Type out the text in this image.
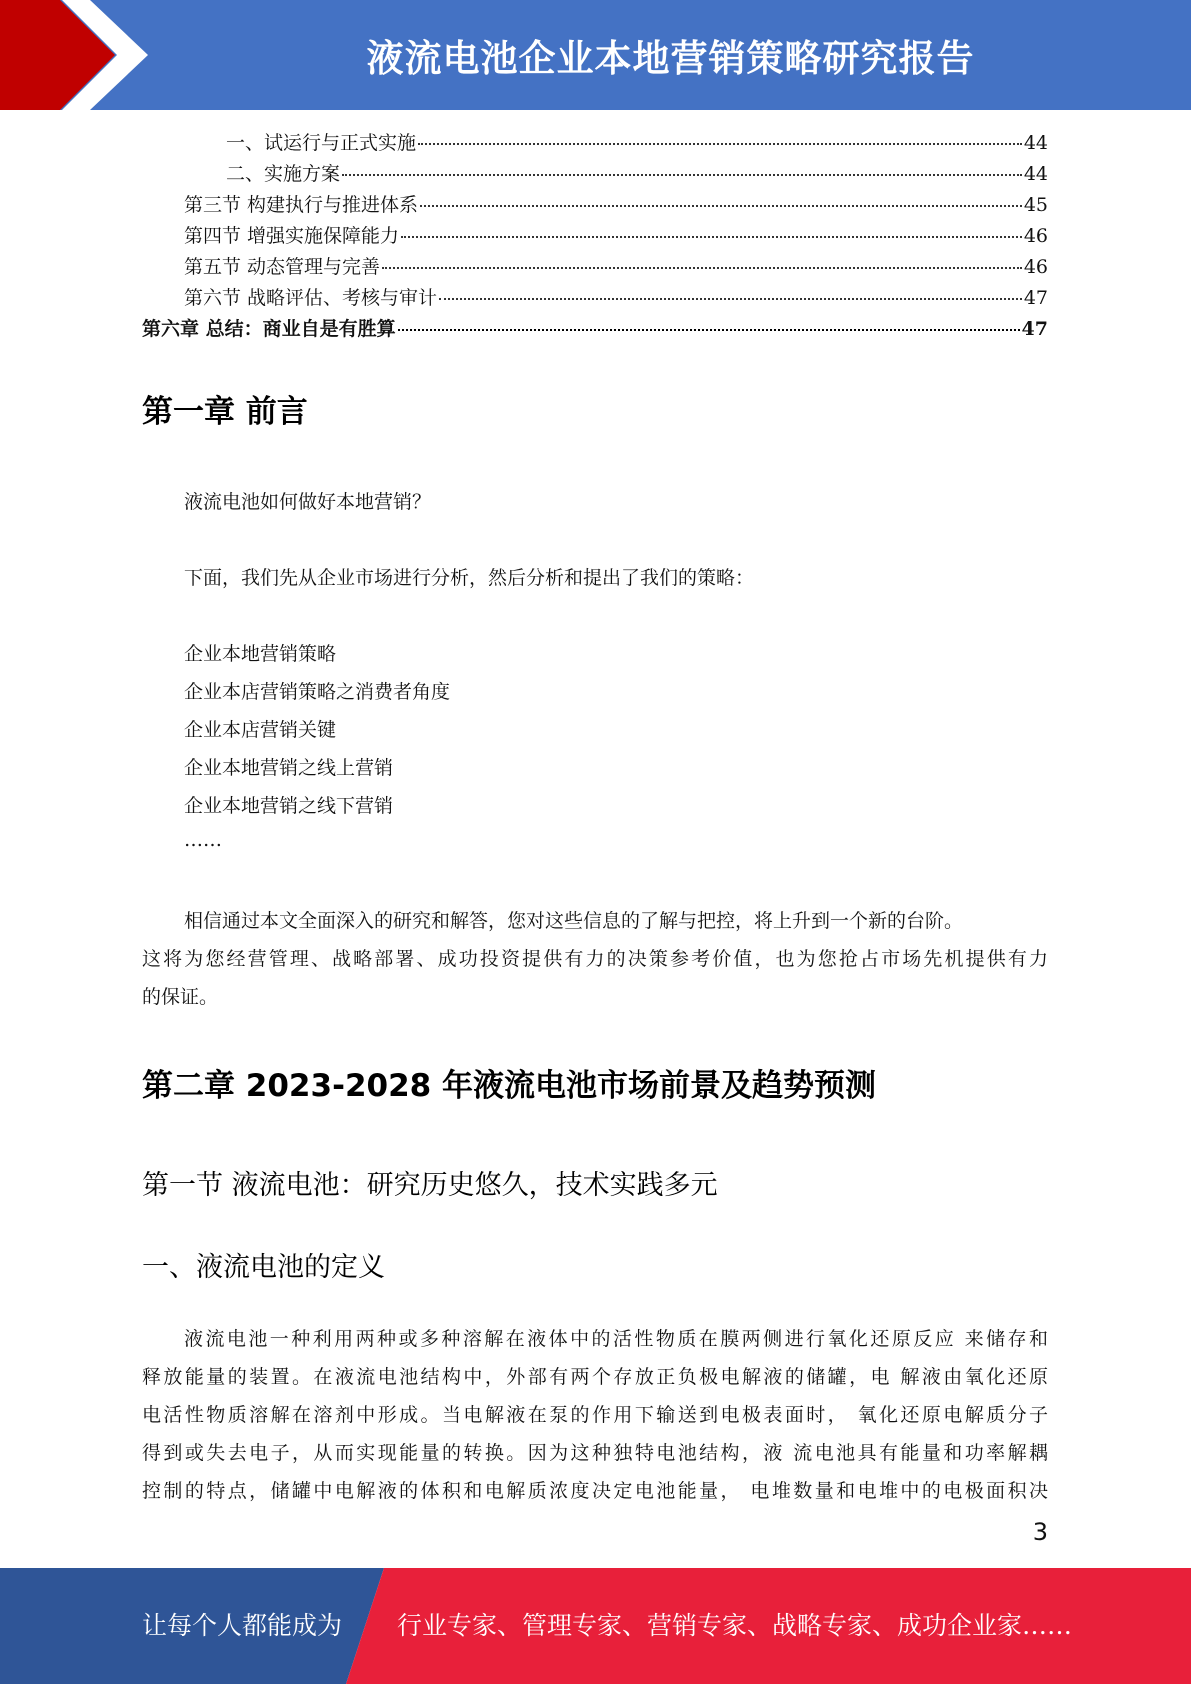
液流电池企业本地营销策略研究报告
一、试运行与正式实施	44
二、实施方案	44
第三节 构建执行与推进体系	45
第四节 增强实施保障能力	46
第五节 动态管理与完善	46
第六节 战略评估、考核与审计	47
第六章 总结：商业自是有胜算	47
第一章 前言
液流电池如何做好本地营销？
下面，我们先从企业市场进行分析，然后分析和提出了我们的策略：
企业本地营销策略
企业本店营销策略之消费者角度
企业本店营销关键
企业本地营销之线上营销
企业本地营销之线下营销
……
相信通过本文全面深入的研究和解答，您对这些信息的了解与把控，将上升到一个新的台阶。
这将为您经营管理、战略部署、成功投资提供有力的决策参考价值，也为您抢占市场先机提供有力
的保证。
第二章 2023-2028 年液流电池市场前景及趋势预测
第一节 液流电池：研究历史悠久，技术实践多元
一、液流电池的定义
液流电池一种利用两种或多种溶解在液体中的活性物质在膜两侧进行氧化还原反应 来储存和
释放能量的装置。在液流电池结构中，外部有两个存放正负极电解液的储罐，电 解液由氧化还原
电活性物质溶解在溶剂中形成。当电解液在泵的作用下输送到电极表面时， 氧化还原电解质分子
得到或失去电子，从而实现能量的转换。因为这种独特电池结构，液 流电池具有能量和功率解耦
控制的特点，储罐中电解液的体积和电解质浓度决定电池能量， 电堆数量和电堆中的电极面积决
3
让每个人都能成为 行业专家、管理专家、营销专家、战略专家、成功企业家……
